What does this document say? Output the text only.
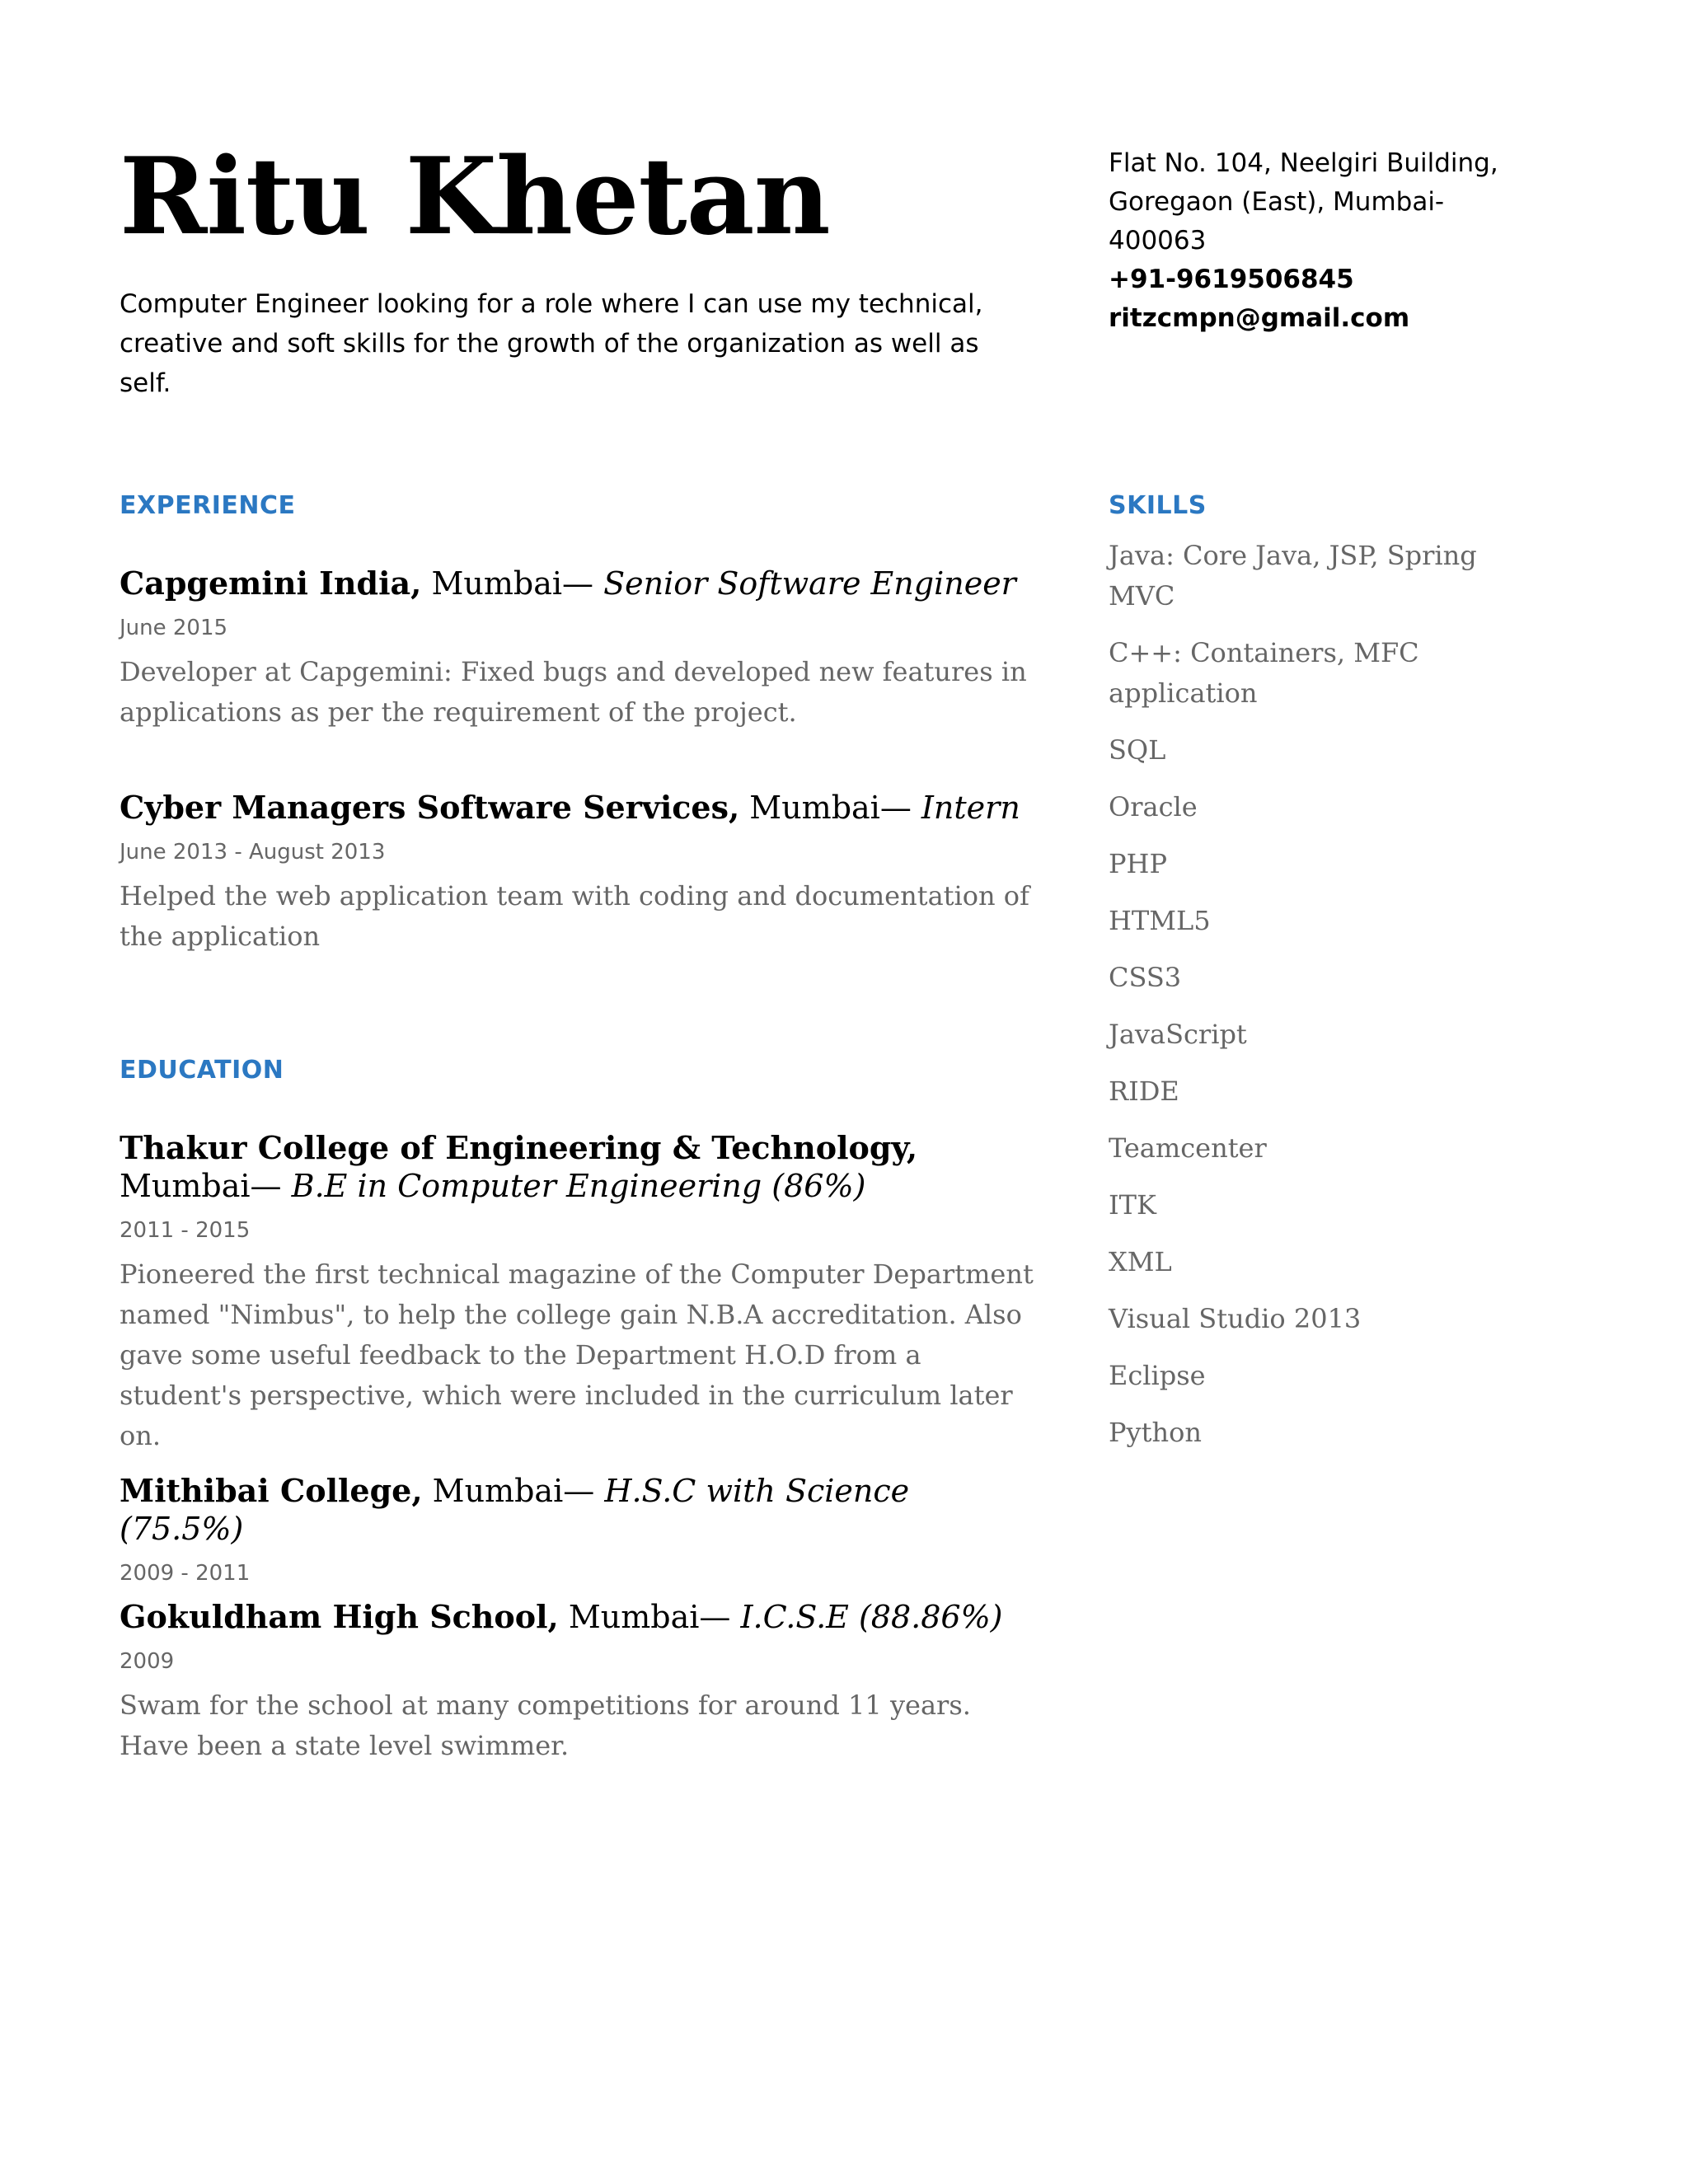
Ritu Khetan

Computer Engineer looking for a role where I can use my technical, creative and soft skills for the growth of the organization as well as self.

Flat No. 104, Neelgiri Building, Goregaon (East), Mumbai-400063
+91-9619506845
ritzcmpn@gmail.com
EXPERIENCE

Capgemini India, Mumbai— Senior Software Engineer

June 2015
Developer at Capgemini: Fixed bugs and developed new features in applications as per the requirement of the project.

Cyber Managers Software Services, Mumbai— Intern

June 2013 - August 2013
Helped the web application team with coding and documentation of the application
EDUCATION

Thakur College of Engineering & Technology, Mumbai— B.E in Computer Engineering (86%)

2011 - 2015
Pioneered the first technical magazine of the Computer Department named "Nimbus", to help the college gain N.B.A accreditation. Also gave some useful feedback to the Department H.O.D from a student's perspective, which were included in the curriculum later on.

Mithibai College, Mumbai— H.S.C with Science (75.5%)

2009 - 2011

Gokuldham High School, Mumbai— I.C.S.E (88.86%)

2009
Swam for the school at many competitions for around 11 years. Have been a state level swimmer.
SKILLS
Java: Core Java, JSP, Spring MVC
C++: Containers, MFC application
SQL
Oracle
PHP
HTML5
CSS3
JavaScript
RIDE
Teamcenter
ITK
XML
Visual Studio 2013
Eclipse
Python
